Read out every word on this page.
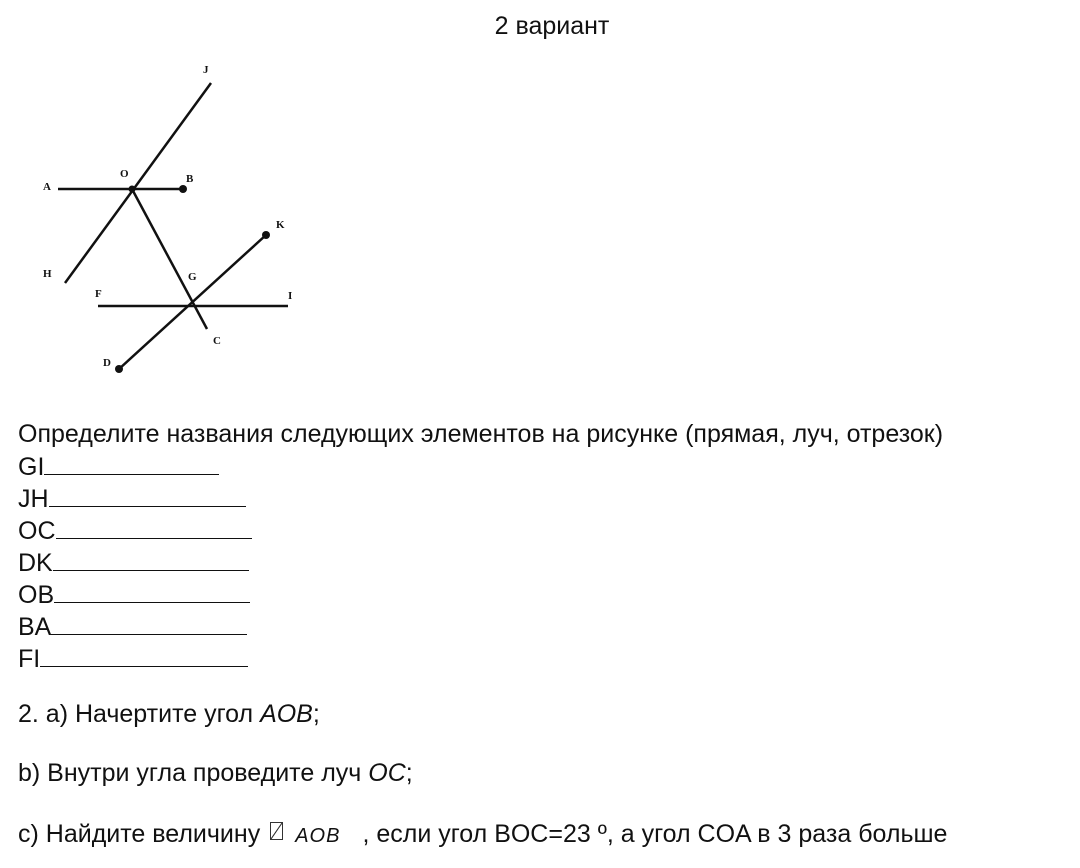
2 вариант
J
O	B
A
K
H	G
F	I
C
D
Определите названия следующих элементов на рисунке (прямая, луч, отрезок)
GI
JH
OC
DK
OB
BA
FI
2. а) Начертите угол AOB;
b) Внутри угла проведите луч OC;
c) Найдите величину AOB , если угол BOC=23 º, а угол COA в 3 раза больше
